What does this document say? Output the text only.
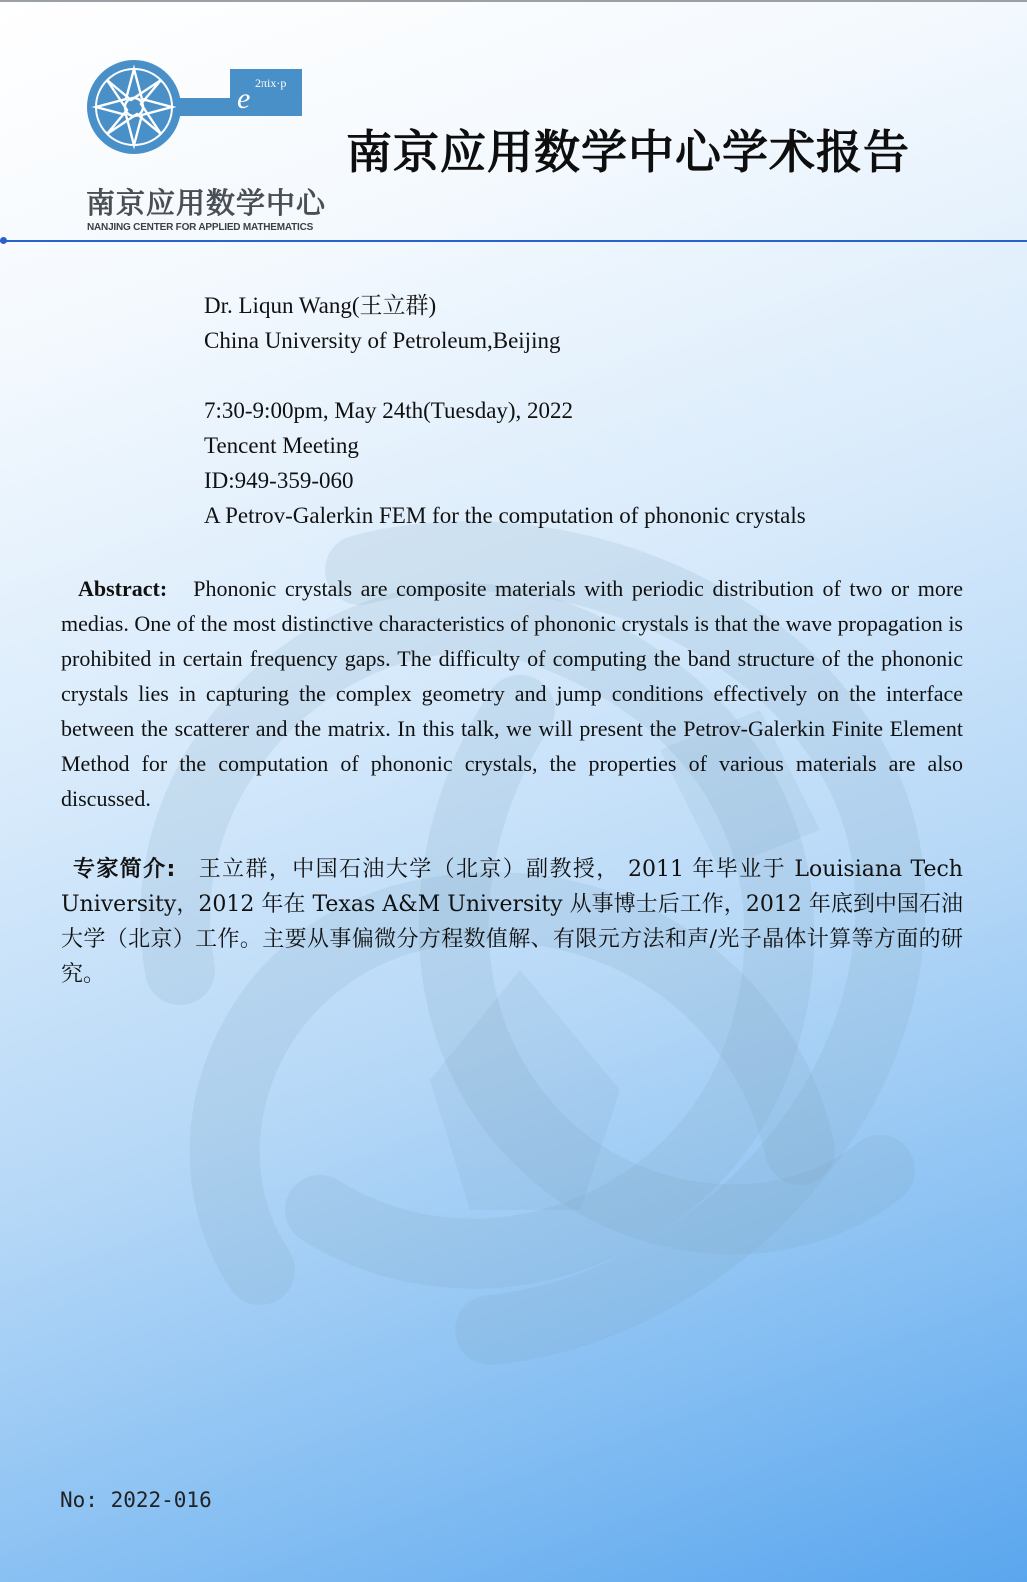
e 2πix·p
南京应用数学中心
NANJING CENTER FOR APPLIED MATHEMATICS
南京应用数学中心学术报告
Dr. Liqun Wang(王立群)
China University of Petroleum,Beijing
7:30-9:00pm, May 24th(Tuesday), 2022
Tencent Meeting
ID:949-359-060
A Petrov-Galerkin FEM for the computation of phononic crystals
Abstract: Phononic crystals are composite materials with periodic distribution of two or more medias. One of the most distinctive characteristics of phononic crystals is that the wave propagation is prohibited in certain frequency gaps. The difficulty of computing the band structure of the phononic crystals lies in capturing the complex geometry and jump conditions effectively on the interface between the scatterer and the matrix. In this talk, we will present the Petrov-Galerkin Finite Element Method for the computation of phononic crystals, the properties of various materials are also discussed.
专家简介: 王立群，中国石油大学（北京）副教授， 2011 年毕业于 Louisiana Tech University，2012 年在 Texas A&M University 从事博士后工作，2012 年底到中国石油大学（北京）工作。主要从事偏微分方程数值解、有限元方法和声/光子晶体计算等方面的研究。
No: 2022-016
